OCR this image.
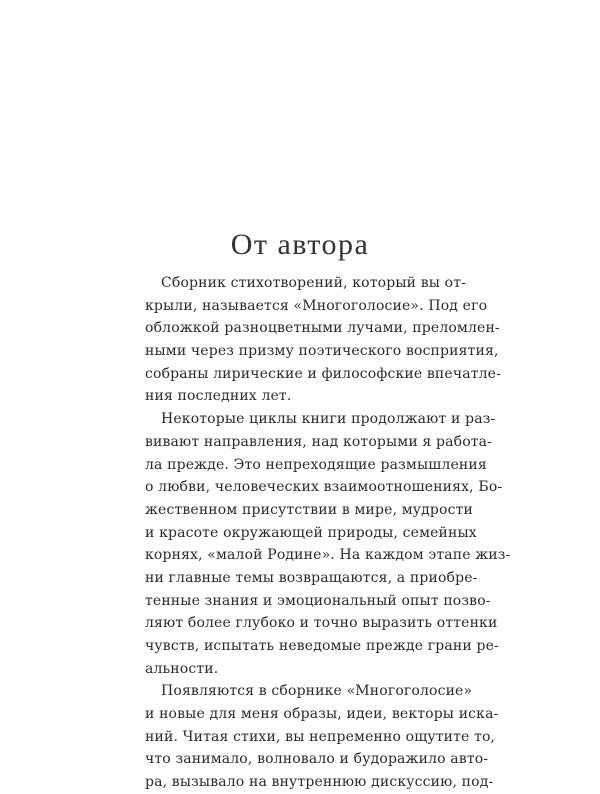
От автора
Сборник стихотворений, который вы от-
крыли, называется «Многоголосие». Под его
обложкой разноцветными лучами, преломлен-
ными через призму поэтического восприятия,
собраны лирические и философские впечатле-
ния последних лет.
Некоторые циклы книги продолжают и раз-
вивают направления, над которыми я работа-
ла прежде. Это непреходящие размышления
о любви, человеческих взаимоотношениях, Бо-
жественном присутствии в мире, мудрости
и красоте окружающей природы, семейных
корнях, «малой Родине». На каждом этапе жиз-
ни главные темы возвращаются, а приобре-
тенные знания и эмоциональный опыт позво-
ляют более глубоко и точно выразить оттенки
чувств, испытать неведомые прежде грани ре-
альности.
Появляются в сборнике «Многоголосие»
и новые для меня образы, идеи, векторы иска-
ний. Читая стихи, вы непременно ощутите то,
что занимало, волновало и будоражило авто-
ра, вызывало на внутреннюю дискуссию, под-
